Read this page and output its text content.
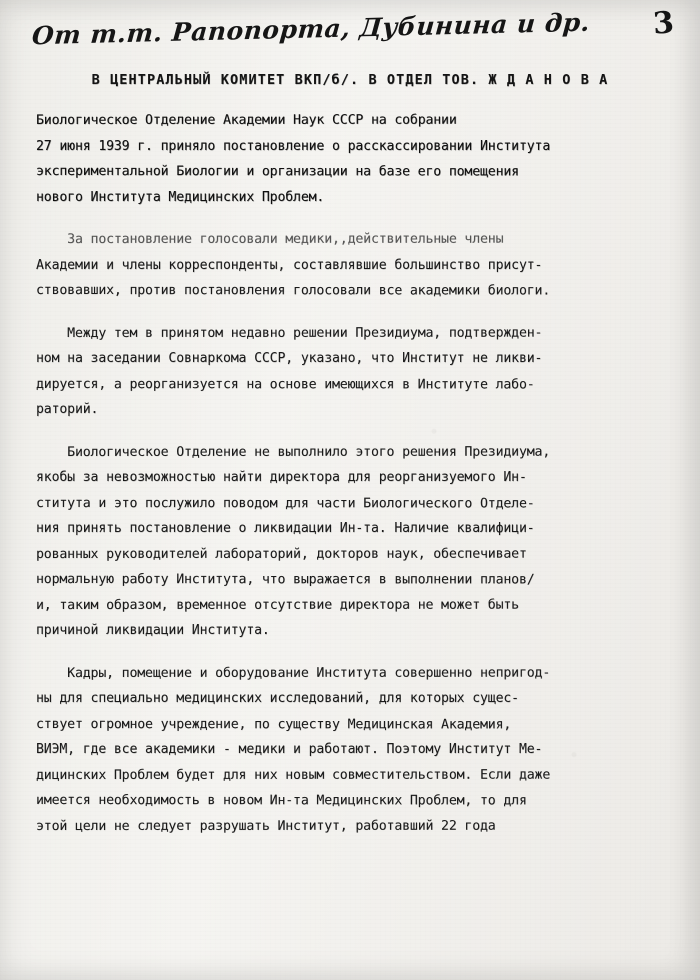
3
От т.т. Рапопорта, Дубинина и др.
В ЦЕНТРАЛЬНЫЙ КОМИТЕТ ВКП/б/. В ОТДЕЛ ТОВ. Ж Д А Н О В А
Биологическое Отделение Академии Наук СССР на собрании
27 июня 1939 г. приняло постановление о расскассировании Института
экспериментальной Биологии и организации на базе его помещения
нового Института Медицинских Проблем.
За постановление голосовали медики,,действительные члены
Академии и члены корреспонденты, составлявшие большинство присут-
ствовавших, против постановления голосовали все академики биологи.
Между тем в принятом недавно решении Президиума, подтвержден-
ном на заседании Совнаркома СССР, указано, что Институт не ликви-
дируется, а реорганизуется на основе имеющихся в Институте лабо-
раторий.
Биологическое Отделение не выполнило этого решения Президиума,
якобы за невозможностью найти директора для реорганизуемого Ин-
ститута и это послужило поводом для части Биологического Отделе-
ния принять постановление о ликвидации Ин-та. Наличие квалифици-
рованных руководителей лабораторий, докторов наук, обеспечивает
нормальную работу Института, что выражается в выполнении планов/
и, таким образом, временное отсутствие директора не может быть
причиной ликвидации Института.
Кадры, помещение и оборудование Института совершенно непригод-
ны для специально медицинских исследований, для которых сущес-
ствует огромное учреждение, по существу Медицинская Академия,
ВИЭМ, где все академики - медики и работают. Поэтому Институт Ме-
дицинских Проблем будет для них новым совместительством. Если даже
имеется необходимость в новом Ин-та Медицинских Проблем, то для
этой цели не следует разрушать Институт, работавший 22 года
